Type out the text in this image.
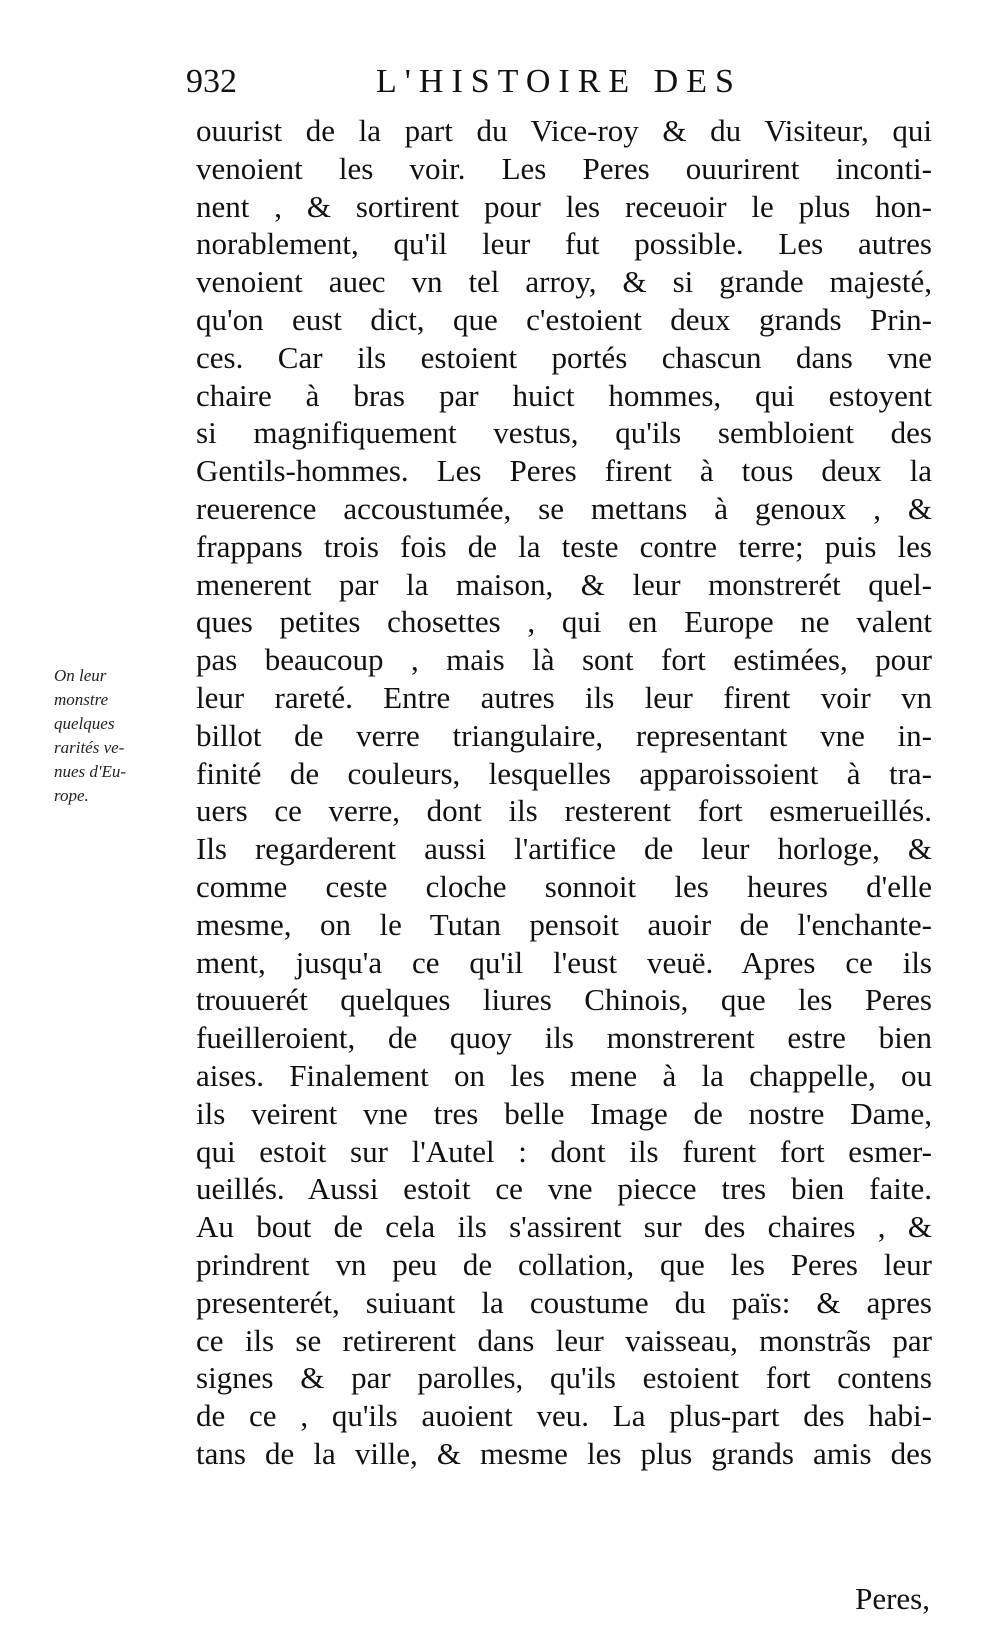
932	L'HISTOIRE DES
On leur
monstre
quelques
rarités ve-
nues d'Eu-
rope.
ouurist de la part du Vice-roy & du Visiteur, qui
venoient les voir. Les Peres ouurirent inconti-
nent , & sortirent pour les receuoir le plus hon-
norablement, qu'il leur fut possible. Les autres
venoient auec vn tel arroy, & si grande majesté,
qu'on eust dict, que c'estoient deux grands Prin-
ces. Car ils estoient portés chascun dans vne
chaire à bras par huict hommes, qui estoyent
si magnifiquement vestus, qu'ils sembloient des
Gentils-hommes. Les Peres firent à tous deux la
reuerence accoustumée, se mettans à genoux , &
frappans trois fois de la teste contre terre; puis les
menerent par la maison, & leur monstrerét quel-
ques petites chosettes , qui en Europe ne valent
pas beaucoup , mais là sont fort estimées, pour
leur rareté. Entre autres ils leur firent voir vn
billot de verre triangulaire, representant vne in-
finité de couleurs, lesquelles apparoissoient à tra-
uers ce verre, dont ils resterent fort esmerueillés.
Ils regarderent aussi l'artifice de leur horloge, &
comme ceste cloche sonnoit les heures d'elle
mesme, on le Tutan pensoit auoir de l'enchante-
ment, jusqu'a ce qu'il l'eust veuë. Apres ce ils
trouuerét quelques liures Chinois, que les Peres
fueilleroient, de quoy ils monstrerent estre bien
aises. Finalement on les mene à la chappelle, ou
ils veirent vne tres belle Image de nostre Dame,
qui estoit sur l'Autel : dont ils furent fort esmer-
ueillés. Aussi estoit ce vne piecce tres bien faite.
Au bout de cela ils s'assirent sur des chaires , &
prindrent vn peu de collation, que les Peres leur
presenterét, suiuant la coustume du païs: & apres
ce ils se retirerent dans leur vaisseau, monstrãs par
signes & par parolles, qu'ils estoient fort contens
de ce , qu'ils auoient veu. La plus-part des habi-
tans de la ville, & mesme les plus grands amis des
Peres,
